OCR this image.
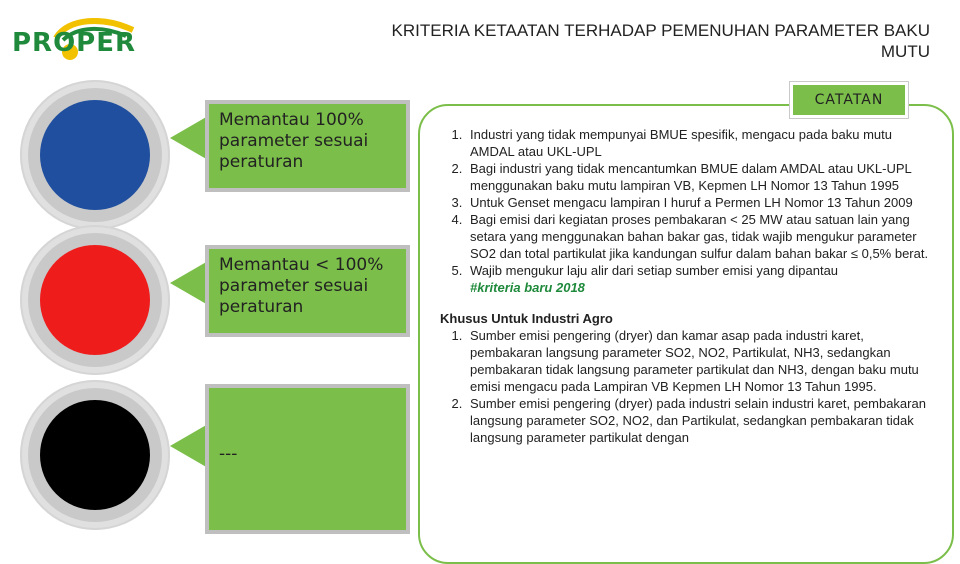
PROPER	KRITERIA KETAATAN TERHADAP PEMENUHAN PARAMETER BAKU
MUTU
Memantau 100% parameter sesuai peraturan
Memantau < 100% parameter sesuai peraturan
---
CATATAN
1. Industri yang tidak mempunyai BMUE spesifik, mengacu pada baku mutu AMDAL atau UKL-UPL
2. Bagi industri yang tidak mencantumkan BMUE dalam AMDAL atau UKL-UPL menggunakan baku mutu lampiran VB, Kepmen LH Nomor 13 Tahun 1995
3. Untuk Genset mengacu lampiran I huruf a Permen LH Nomor 13 Tahun 2009
4. Bagi emisi dari kegiatan proses pembakaran < 25 MW atau satuan lain yang setara yang menggunakan bahan bakar gas, tidak wajib mengukur parameter SO2 dan total partikulat jika kandungan sulfur dalam bahan bakar ≤ 0,5% berat.
5. Wajib mengukur laju alir dari setiap sumber emisi yang dipantau
#kriteria baru 2018
Khusus Untuk Industri Agro
1. Sumber emisi pengering (dryer) dan kamar asap pada industri karet, pembakaran langsung parameter SO2, NO2, Partikulat, NH3, sedangkan pembakaran tidak langsung parameter partikulat dan NH3, dengan baku mutu emisi mengacu pada Lampiran VB Kepmen LH Nomor 13 Tahun 1995.
2. Sumber emisi pengering (dryer) pada industri selain industri karet, pembakaran langsung parameter SO2, NO2, dan Partikulat, sedangkan pembakaran tidak langsung parameter partikulat dengan
